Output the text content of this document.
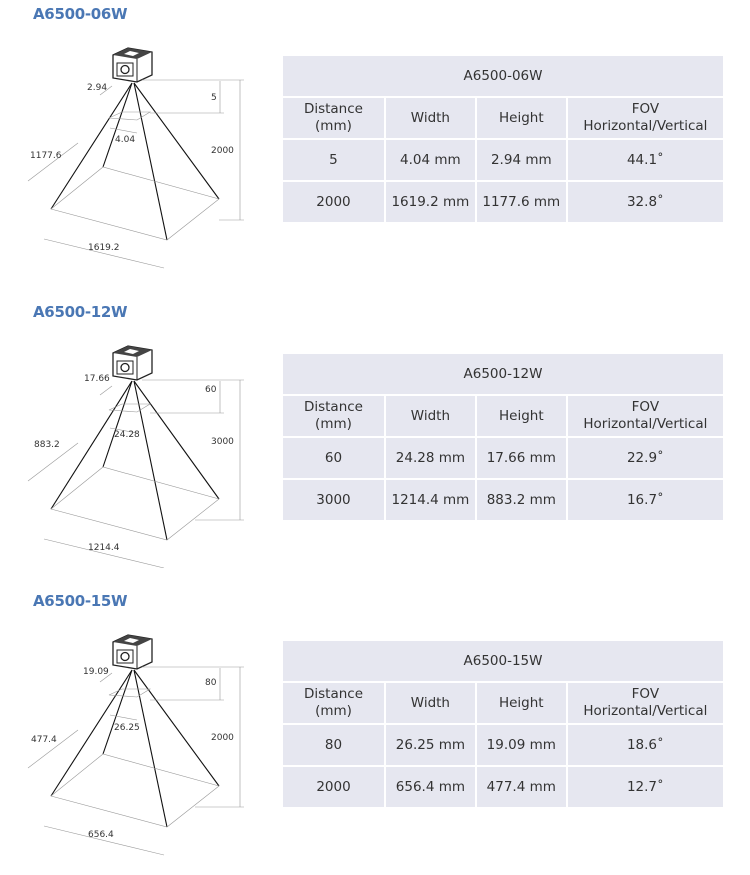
A6500-06W
2.94
5
4.04
2000
1177.6
1619.2
A6500-06W			
Distance
(mm)	Width	Height	FOV
Horizontal/Vertical
5	4.04 mm	2.94 mm	44.1˚
2000	1619.2 mm	1177.6 mm	32.8˚
A6500-12W
17.66
60
24.28
3000
883.2
1214.4
A6500-12W			
Distance
(mm)	Width	Height	FOV
Horizontal/Vertical
60	24.28 mm	17.66 mm	22.9˚
3000	1214.4 mm	883.2 mm	16.7˚
A6500-15W
19.09
80
26.25
2000
477.4
656.4
A6500-15W			
Distance
(mm)	Width	Height	FOV
Horizontal/Vertical
80	26.25 mm	19.09 mm	18.6˚
2000	656.4 mm	477.4 mm	12.7˚
